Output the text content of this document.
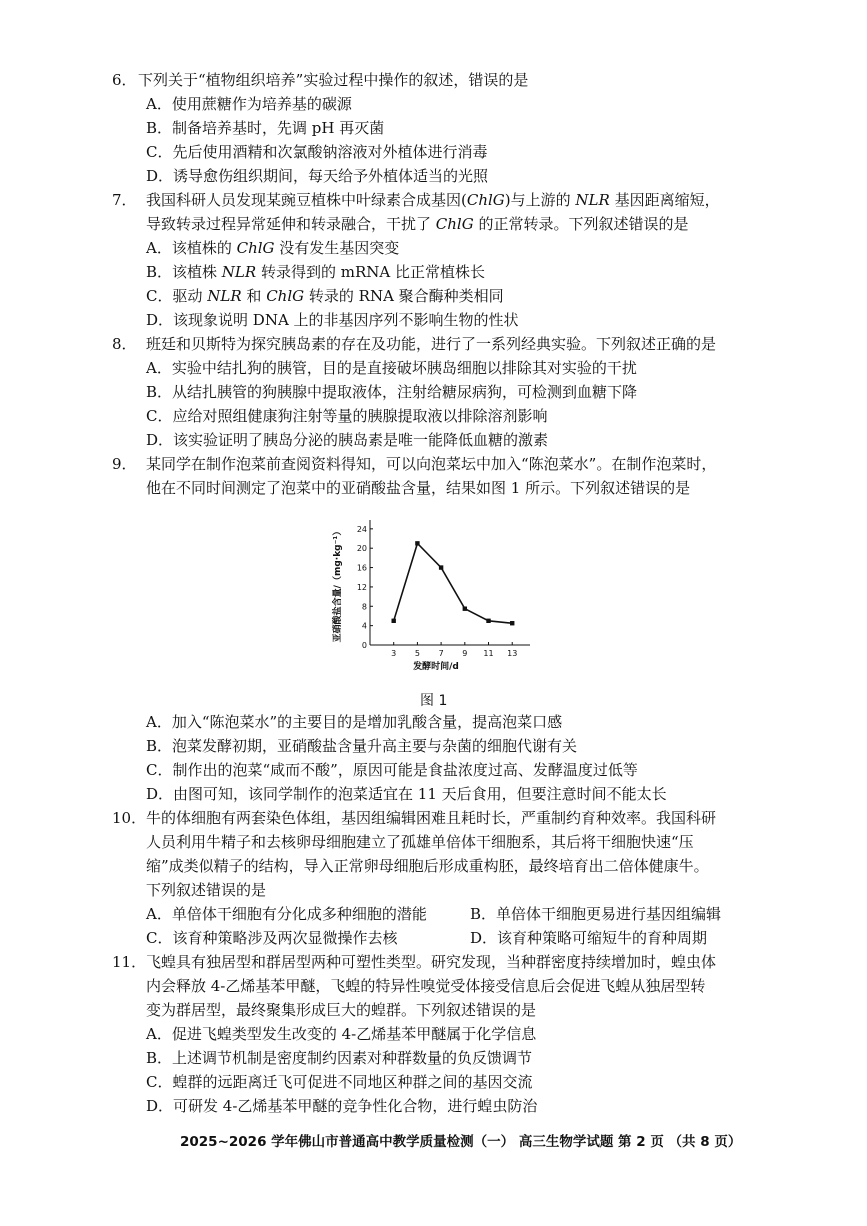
6． 下列关于“植物组织培养”实验过程中操作的叙述，错误的是
A．使用蔗糖作为培养基的碳源
B．制备培养基时，先调 pH 再灭菌
C．先后使用酒精和次氯酸钠溶液对外植体进行消毒
D．诱导愈伤组织期间，每天给予外植体适当的光照
7． 我国科研人员发现某豌豆植株中叶绿素合成基因(ChlG)与上游的 NLR 基因距离缩短，
导致转录过程异常延伸和转录融合，干扰了 ChlG 的正常转录。下列叙述错误的是
A．该植株的 ChlG 没有发生基因突变
B．该植株 NLR 转录得到的 mRNA 比正常植株长
C．驱动 NLR 和 ChlG 转录的 RNA 聚合酶种类相同
D．该现象说明 DNA 上的非基因序列不影响生物的性状
8． 班廷和贝斯特为探究胰岛素的存在及功能，进行了一系列经典实验。下列叙述正确的是
A．实验中结扎狗的胰管，目的是直接破坏胰岛细胞以排除其对实验的干扰
B．从结扎胰管的狗胰腺中提取液体，注射给糖尿病狗，可检测到血糖下降
C．应给对照组健康狗注射等量的胰腺提取液以排除溶剂影响
D．该实验证明了胰岛分泌的胰岛素是唯一能降低血糖的激素
9． 某同学在制作泡菜前查阅资料得知，可以向泡菜坛中加入“陈泡菜水”。在制作泡菜时，
他在不同时间测定了泡菜中的亚硝酸盐含量，结果如图 1 所示。下列叙述错误的是
0
4
8
12
16
20
24
3 5 7 9 11 13
发酵时间/d
亚硝酸盐含量/（mg·kg⁻¹）
图 1
A．加入“陈泡菜水”的主要目的是增加乳酸含量，提高泡菜口感
B．泡菜发酵初期，亚硝酸盐含量升高主要与杂菌的细胞代谢有关
C．制作出的泡菜“咸而不酸”，原因可能是食盐浓度过高、发酵温度过低等
D．由图可知，该同学制作的泡菜适宜在 11 天后食用，但要注意时间不能太长
10． 牛的体细胞有两套染色体组，基因组编辑困难且耗时长，严重制约育种效率。我国科研
人员利用牛精子和去核卵母细胞建立了孤雄单倍体干细胞系，其后将干细胞快速“压
缩”成类似精子的结构，导入正常卵母细胞后形成重构胚，最终培育出二倍体健康牛。
下列叙述错误的是
A．单倍体干细胞有分化成多种细胞的潜能	B．单倍体干细胞更易进行基因组编辑
C．该育种策略涉及两次显微操作去核	D．该育种策略可缩短牛的育种周期
11． 飞蝗具有独居型和群居型两种可塑性类型。研究发现，当种群密度持续增加时，蝗虫体
内会释放 4-乙烯基苯甲醚，飞蝗的特异性嗅觉受体接受信息后会促进飞蝗从独居型转
变为群居型，最终聚集形成巨大的蝗群。下列叙述错误的是
A．促进飞蝗类型发生改变的 4-乙烯基苯甲醚属于化学信息
B．上述调节机制是密度制约因素对种群数量的负反馈调节
C．蝗群的远距离迁飞可促进不同地区种群之间的基因交流
D．可研发 4-乙烯基苯甲醚的竞争性化合物，进行蝗虫防治
2025~2026 学年佛山市普通高中教学质量检测（一） 高三生物学试题 第 2 页 （共 8 页）
